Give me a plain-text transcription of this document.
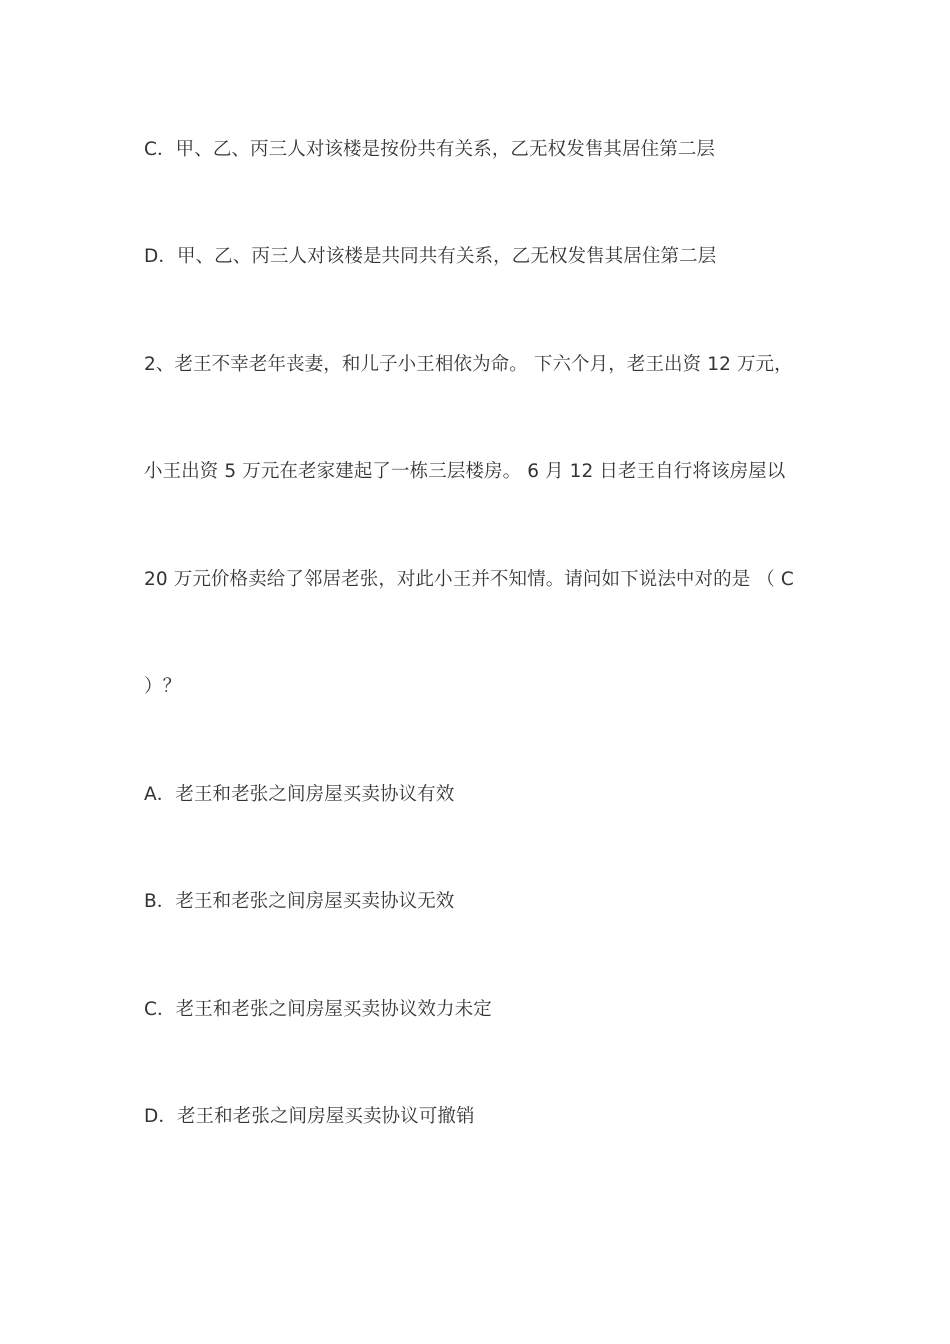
C．甲、乙、丙三人对该楼是按份共有关系，乙无权发售其居住第二层
D．甲、乙、丙三人对该楼是共同共有关系，乙无权发售其居住第二层
2、老王不幸老年丧妻，和儿子小王相依为命。 下六个月，老王出资 12 万元，
小王出资 5 万元在老家建起了一栋三层楼房。 6 月 12 日老王自行将该房屋以
20 万元价格卖给了邻居老张，对此小王并不知情。请问如下说法中对的是 （ C
）？
A．老王和老张之间房屋买卖协议有效
B．老王和老张之间房屋买卖协议无效
C．老王和老张之间房屋买卖协议效力未定
D．老王和老张之间房屋买卖协议可撤销
